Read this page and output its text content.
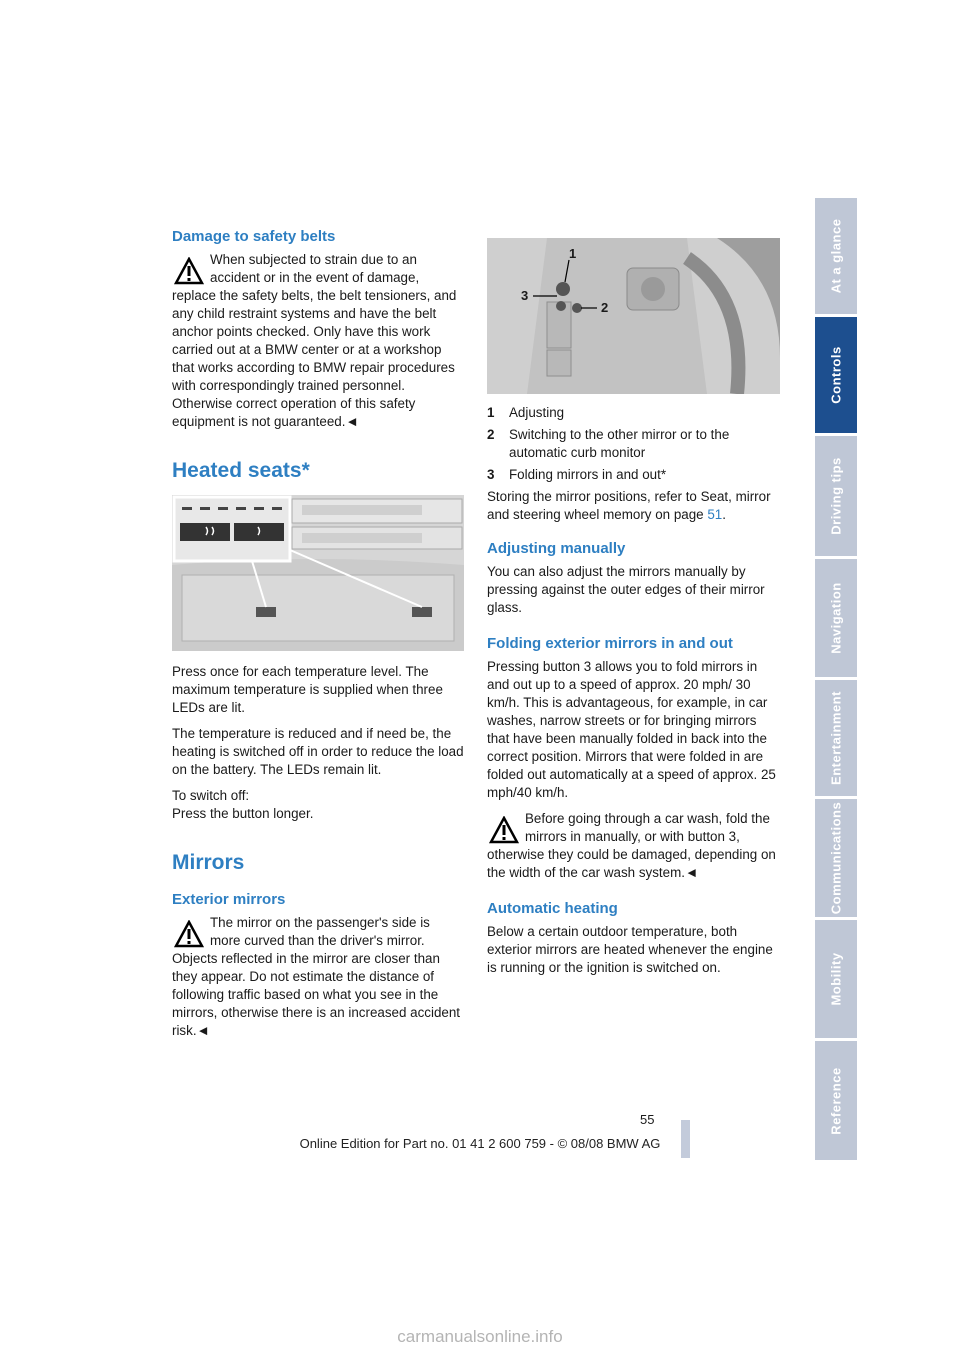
Damage to safety belts
When subjected to strain due to an accident or in the event of damage, replace the safety belts, the belt tensioners, and any child restraint systems and have the belt anchor points checked. Only have this work carried out at a BMW center or at a workshop that works according to BMW repair procedures with correspondingly trained personnel. Otherwise correct operation of this safety equipment is not guaranteed.◄
Heated seats*

Press once for each temperature level. The maximum temperature is supplied when three LEDs are lit.

The temperature is reduced and if need be, the heating is switched off in order to reduce the load on the battery. The LEDs remain lit.

To switch off:
Press the button longer.

Mirrors
Exterior mirrors
The mirror on the passenger's side is more curved than the driver's mirror. Objects reflected in the mirror are closer than they appear. Do not estimate the distance of following traffic based on what you see in the mirrors, otherwise there is an increased accident risk.◄
1
2
3
1	Adjusting
2	Switching to the other mirror or to the automatic curb monitor
3	Folding mirrors in and out*

Storing the mirror positions, refer to Seat, mirror and steering wheel memory on page 51.

Adjusting manually

You can also adjust the mirrors manually by pressing against the outer edges of their mirror glass.

Folding exterior mirrors in and out

Pressing button 3 allows you to fold mirrors in and out up to a speed of approx. 20 mph/ 30 km/h. This is advantageous, for example, in car washes, narrow streets or for bringing mirrors that have been manually folded in back into the correct position. Mirrors that were folded in are folded out automatically at a speed of approx. 25 mph/40 km/h.

Before going through a car wash, fold the mirrors in manually, or with button 3, otherwise they could be damaged, depending on the width of the car wash system.◄
Automatic heating

Below a certain outdoor temperature, both exterior mirrors are heated whenever the engine is running or the ignition is switched on.

At a glance
Controls
Driving tips
Navigation
Entertainment
Communications
Mobility
Reference
55
Online Edition for Part no. 01 41 2 600 759 - © 08/08 BMW AG
carmanualsonline.info
